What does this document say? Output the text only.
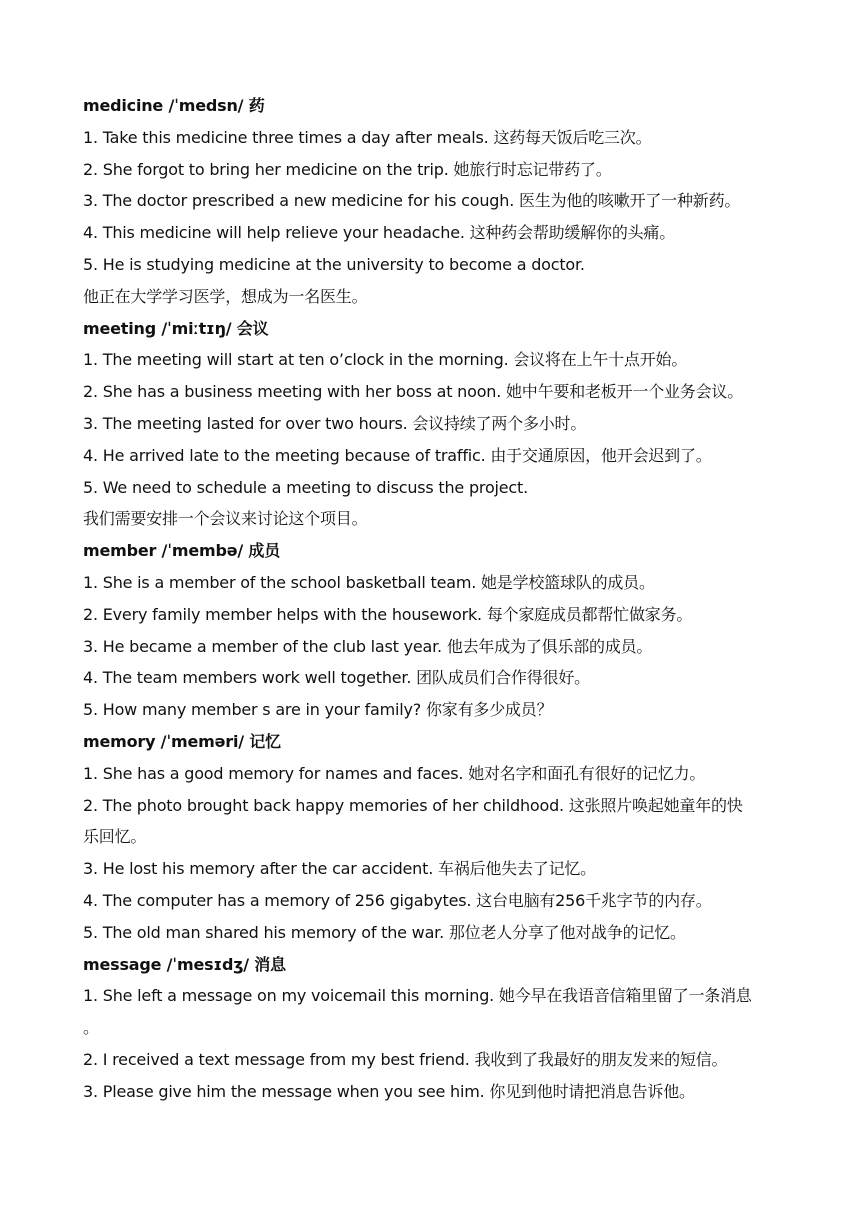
medicine /ˈmedsn/ 药
1. Take this medicine three times a day after meals. 这药每天饭后吃三次。
2. She forgot to bring her medicine on the trip. 她旅行时忘记带药了。
3. The doctor prescribed a new medicine for his cough. 医生为他的咳嗽开了一种新药。
4. This medicine will help relieve your headache. 这种药会帮助缓解你的头痛。
5. He is studying medicine at the university to become a doctor.
他正在大学学习医学，想成为一名医生。
meeting /ˈmiːtɪŋ/ 会议
1. The meeting will start at ten o’clock in the morning. 会议将在上午十点开始。
2. She has a business meeting with her boss at noon. 她中午要和老板开一个业务会议。
3. The meeting lasted for over two hours. 会议持续了两个多小时。
4. He arrived late to the meeting because of traffic. 由于交通原因，他开会迟到了。
5. We need to schedule a meeting to discuss the project.
我们需要安排一个会议来讨论这个项目。
member /ˈmembə/ 成员
1. She is a member of the school basketball team. 她是学校篮球队的成员。
2. Every family member helps with the housework. 每个家庭成员都帮忙做家务。
3. He became a member of the club last year. 他去年成为了俱乐部的成员。
4. The team members work well together. 团队成员们合作得很好。
5. How many member s are in your family? 你家有多少成员？
memory /ˈmeməri/ 记忆
1. She has a good memory for names and faces. 她对名字和面孔有很好的记忆力。
2. The photo brought back happy memories of her childhood. 这张照片唤起她童年的快
乐回忆。
3. He lost his memory after the car accident. 车祸后他失去了记忆。
4. The computer has a memory of 256 gigabytes. 这台电脑有256千兆字节的内存。
5. The old man shared his memory of the war. 那位老人分享了他对战争的记忆。
message /ˈmesɪdʒ/ 消息
1. She left a message on my voicemail this morning. 她今早在我语音信箱里留了一条消息
。
2. I received a text message from my best friend. 我收到了我最好的朋友发来的短信。
3. Please give him the message when you see him. 你见到他时请把消息告诉他。
